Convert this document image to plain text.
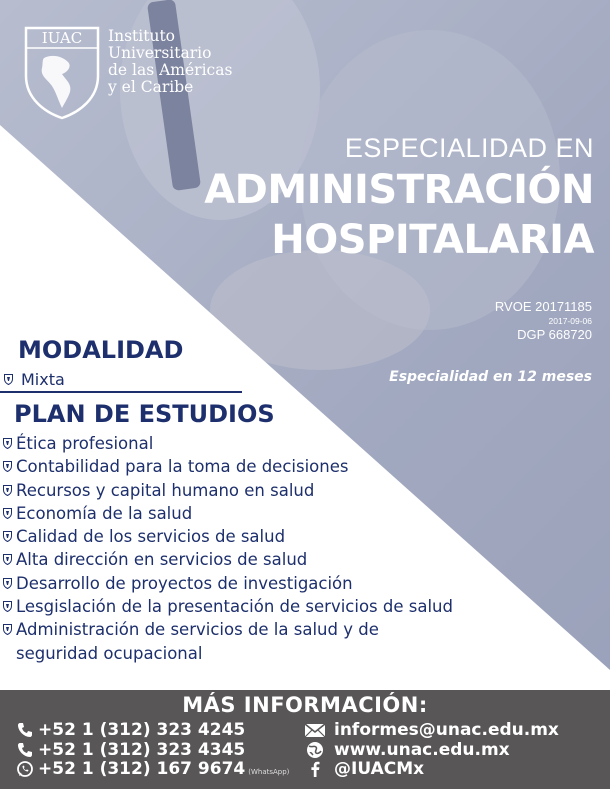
IUAC Instituto
Universitario
de las Américas
y el Caribe
ESPECIALIDAD EN
ADMINISTRACIÓN
HOSPITALARIA
RVOE 20171185
2017-09-06
DGP 668720
Especialidad en 12 meses
MODALIDAD
Mixta
PLAN DE ESTUDIOS
Ética profesional
Contabilidad para la toma de decisiones
Recursos y capital humano en salud
Economía de la salud
Calidad de los servicios de salud
Alta dirección en servicios de salud
Desarrollo de proyectos de investigación
Lesgislación de la presentación de servicios de salud
Administración de servicios de la salud y de
seguridad ocupacional
MÁS INFORMACIÓN:
+52 1 (312) 323 4245
+52 1 (312) 323 4345
+52 1 (312) 167 9674 (WhatsApp)
informes@unac.edu.mx
www.unac.edu.mx
@IUACMx
